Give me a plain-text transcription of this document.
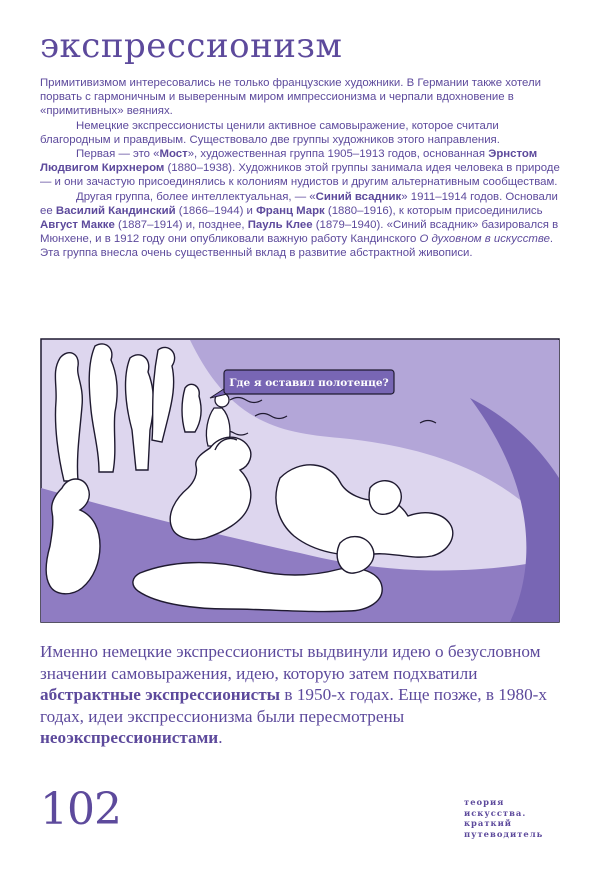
экспрессионизм

Примитивизмом интересовались не только французские художники. В Германии также хотели порвать с гармоничным и выверенным миром импрессионизма и черпали вдохновение в «примитивных» веяниях.

Немецкие экспрессионисты ценили активное самовыражение, которое считали благородным и правдивым. Существовало две группы художников этого направления.

Первая — это «Мост», художественная группа 1905–1913 годов, основанная Эрнстом Людвигом Кирхнером (1880–1938). Художников этой группы занимала идея человека в природе — и они зачастую присоединялись к колониям нудистов и другим альтернативным сообществам.

Другая группа, более интеллектуальная, — «Синий всадник» 1911–1914 годов. Основали ее Василий Кандинский (1866–1944) и Франц Марк (1880–1916), к которым присоединились Август Макке (1887–1914) и, позднее, Пауль Клее (1879–1940). «Синий всадник» базировался в Мюнхене, и в 1912 году они опубликовали важную работу Кандинского О духовном в искусстве. Эта группа внесла очень существенный вклад в развитие абстрактной живописи.

Где я оставил полотенце?

Именно немецкие экспрессионисты выдвинули идею о безусловном значении самовыражения, идею, которую затем подхватили абстрактные экспрессионисты в 1950-х годах. Еще позже, в 1980-х годах, идеи экспрессионизма были пересмотрены неоэкспрессионистами.

102	теория
искусства.
краткий
путеводитель
